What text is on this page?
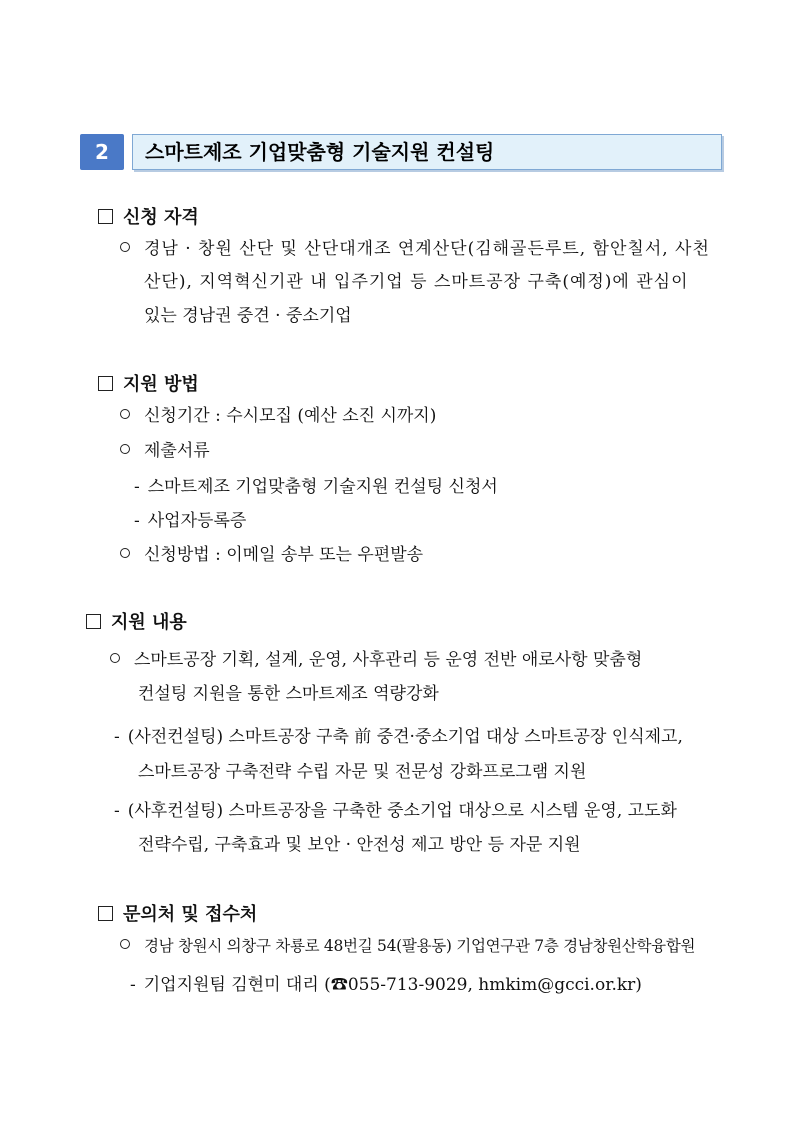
2	스마트제조 기업맞춤형 기술지원 컨설팅
신청 자격
경남 · 창원 산단 및 산단대개조 연계산단(김해골든루트, 함안칠서, 사천
산단), 지역혁신기관 내 입주기업 등 스마트공장 구축(예정)에 관심이
있는 경남권 중견 · 중소기업
지원 방법
신청기간 : 수시모집 (예산 소진 시까지)
제출서류
- 스마트제조 기업맞춤형 기술지원 컨설팅 신청서
- 사업자등록증
신청방법 : 이메일 송부 또는 우편발송
지원 내용
스마트공장 기획, 설계, 운영, 사후관리 등 운영 전반 애로사항 맞춤형
컨설팅 지원을 통한 스마트제조 역량강화
- (사전컨설팅) 스마트공장 구축 前 중견·중소기업 대상 스마트공장 인식제고,
스마트공장 구축전략 수립 자문 및 전문성 강화프로그램 지원
- (사후컨설팅) 스마트공장을 구축한 중소기업 대상으로 시스템 운영, 고도화
전략수립, 구축효과 및 보안 · 안전성 제고 방안 등 자문 지원
문의처 및 접수처
경남 창원시 의창구 차룡로 48번길 54(팔용동) 기업연구관 7층 경남창원산학융합원
- 기업지원팀 김현미 대리 (☎055-713-9029, hmkim@gcci.or.kr)
